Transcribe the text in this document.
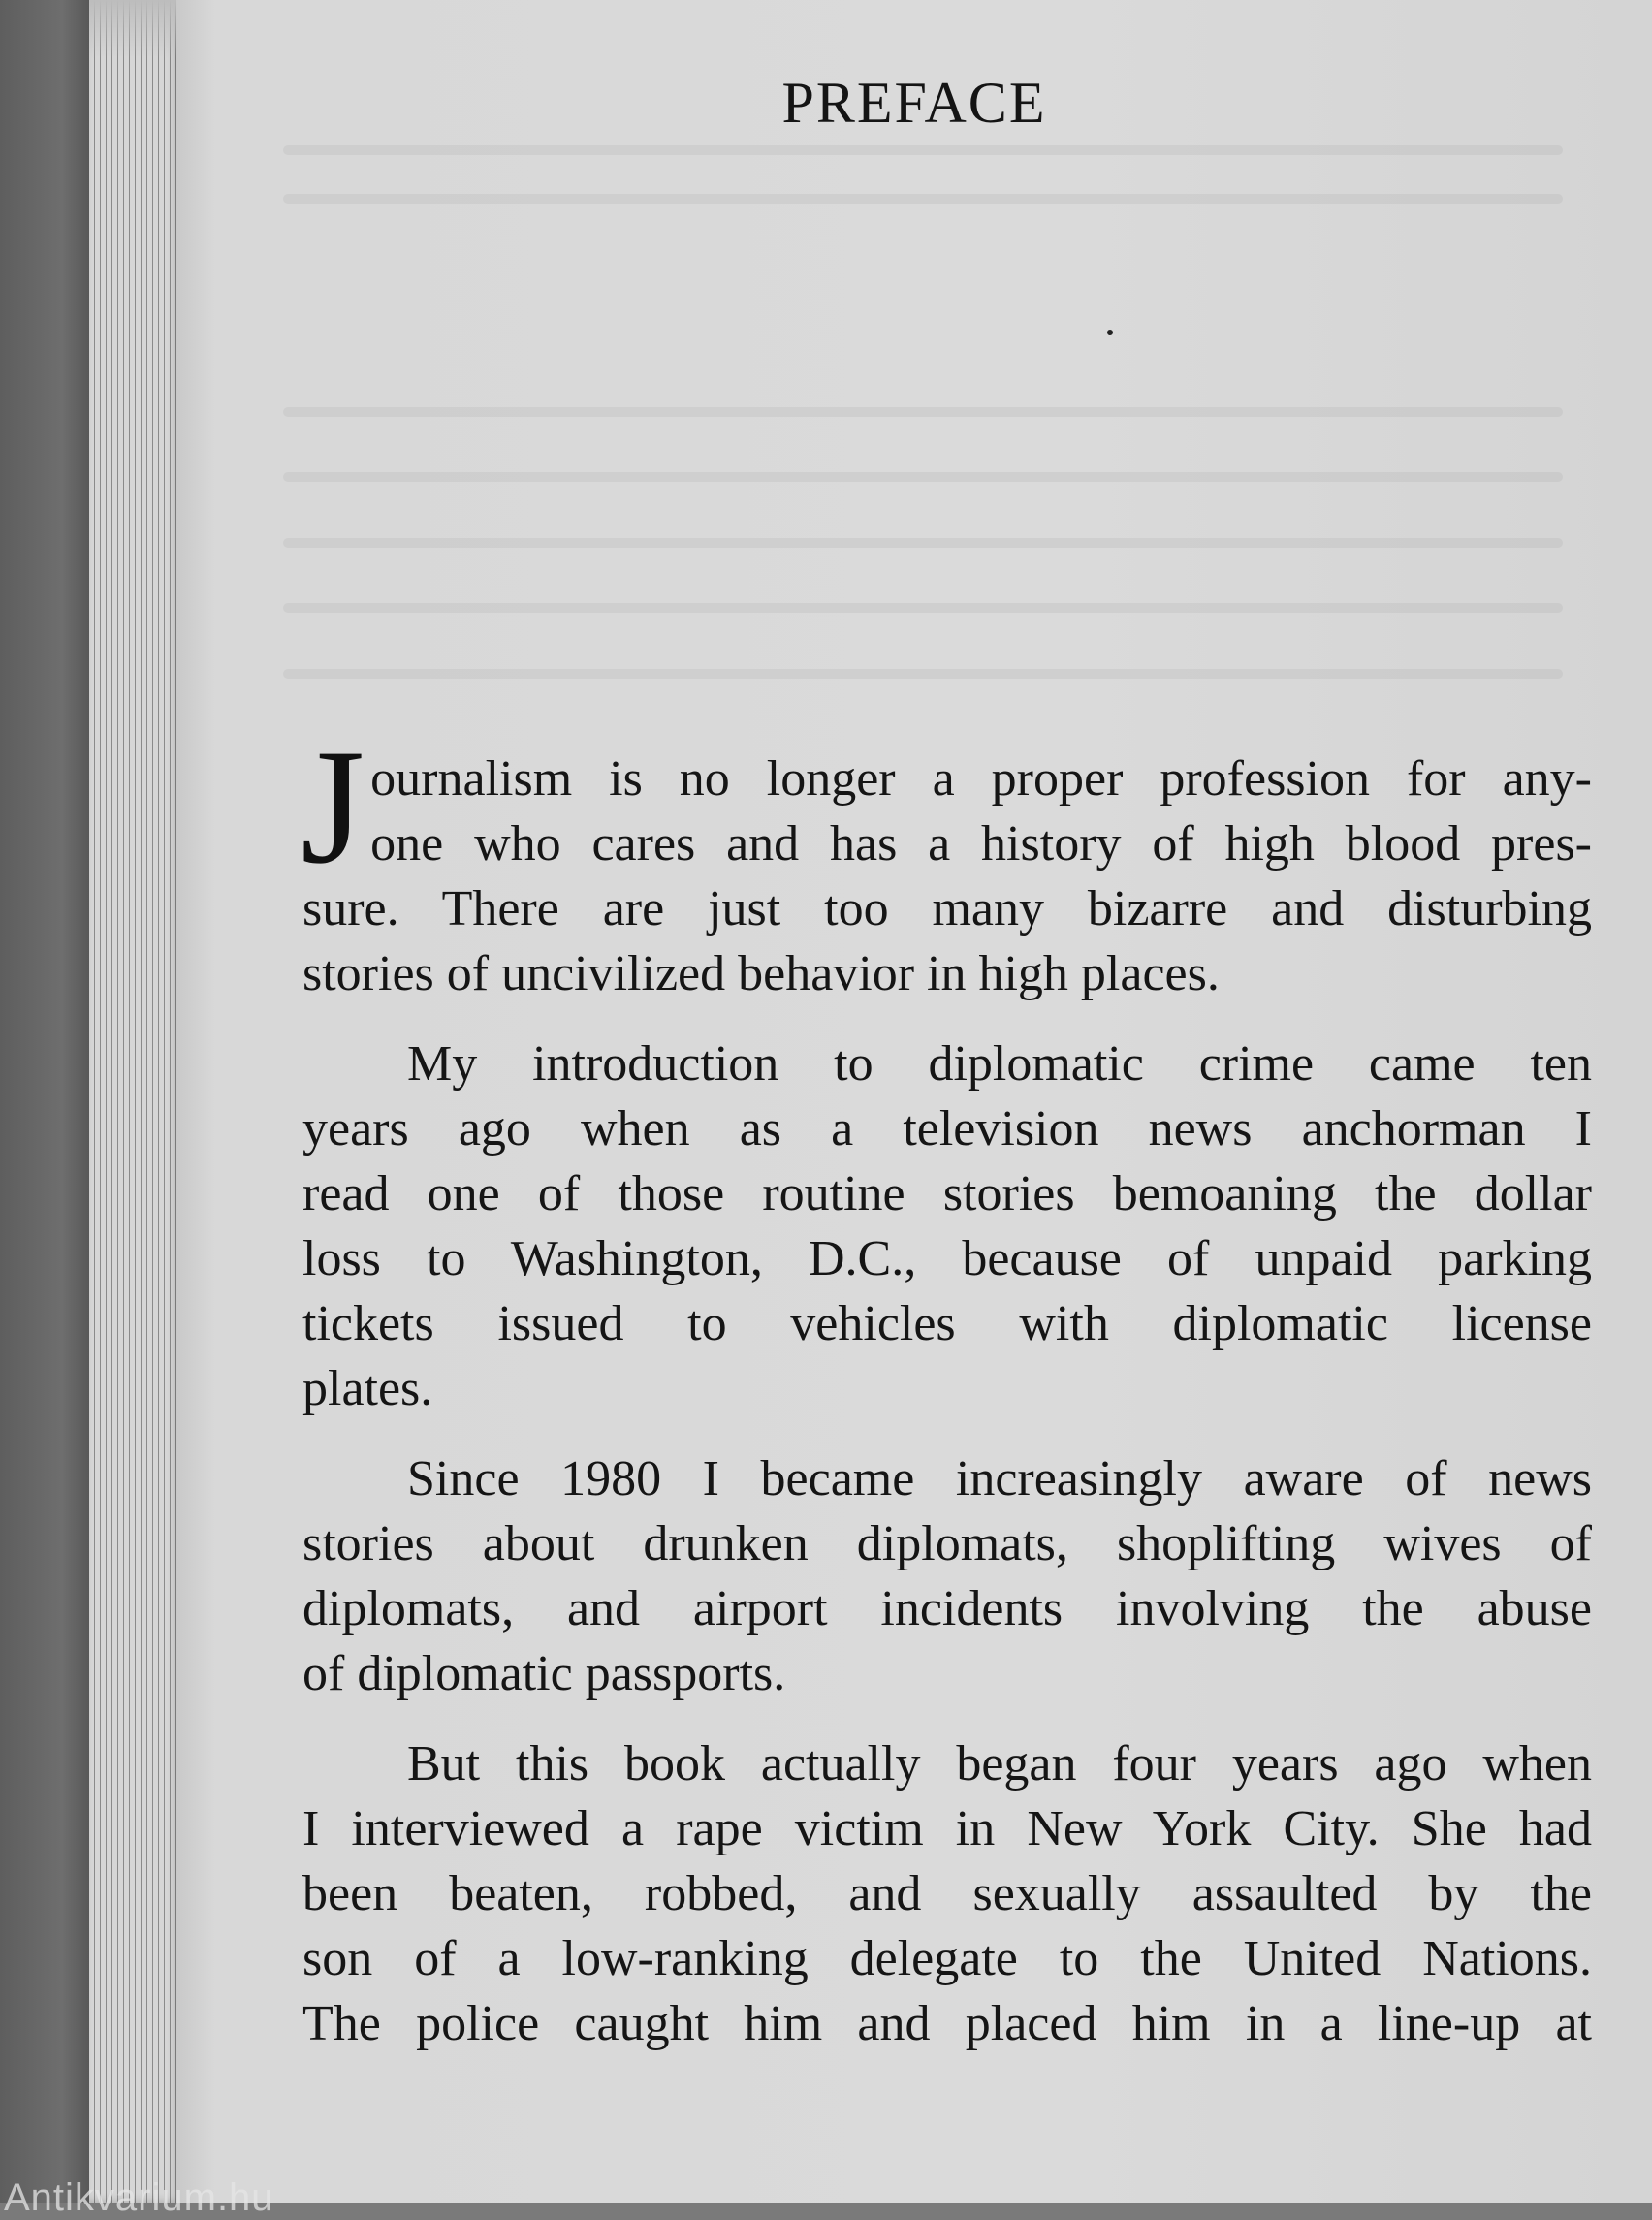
PREFACE
J ournalism is no longer a proper profession for any-
one who cares and has a history of high blood pres-
sure. There are just too many bizarre and disturbing
stories of uncivilized behavior in high places.
My introduction to diplomatic crime came ten
years ago when as a television news anchorman I
read one of those routine stories bemoaning the dollar
loss to Washington, D.C., because of unpaid parking
tickets issued to vehicles with diplomatic license
plates.
Since 1980 I became increasingly aware of news
stories about drunken diplomats, shoplifting wives of
diplomats, and airport incidents involving the abuse
of diplomatic passports.
But this book actually began four years ago when
I interviewed a rape victim in New York City. She had
been beaten, robbed, and sexually assaulted by the
son of a low-ranking delegate to the United Nations.
The police caught him and placed him in a line-up at
Antikvarium.hu
